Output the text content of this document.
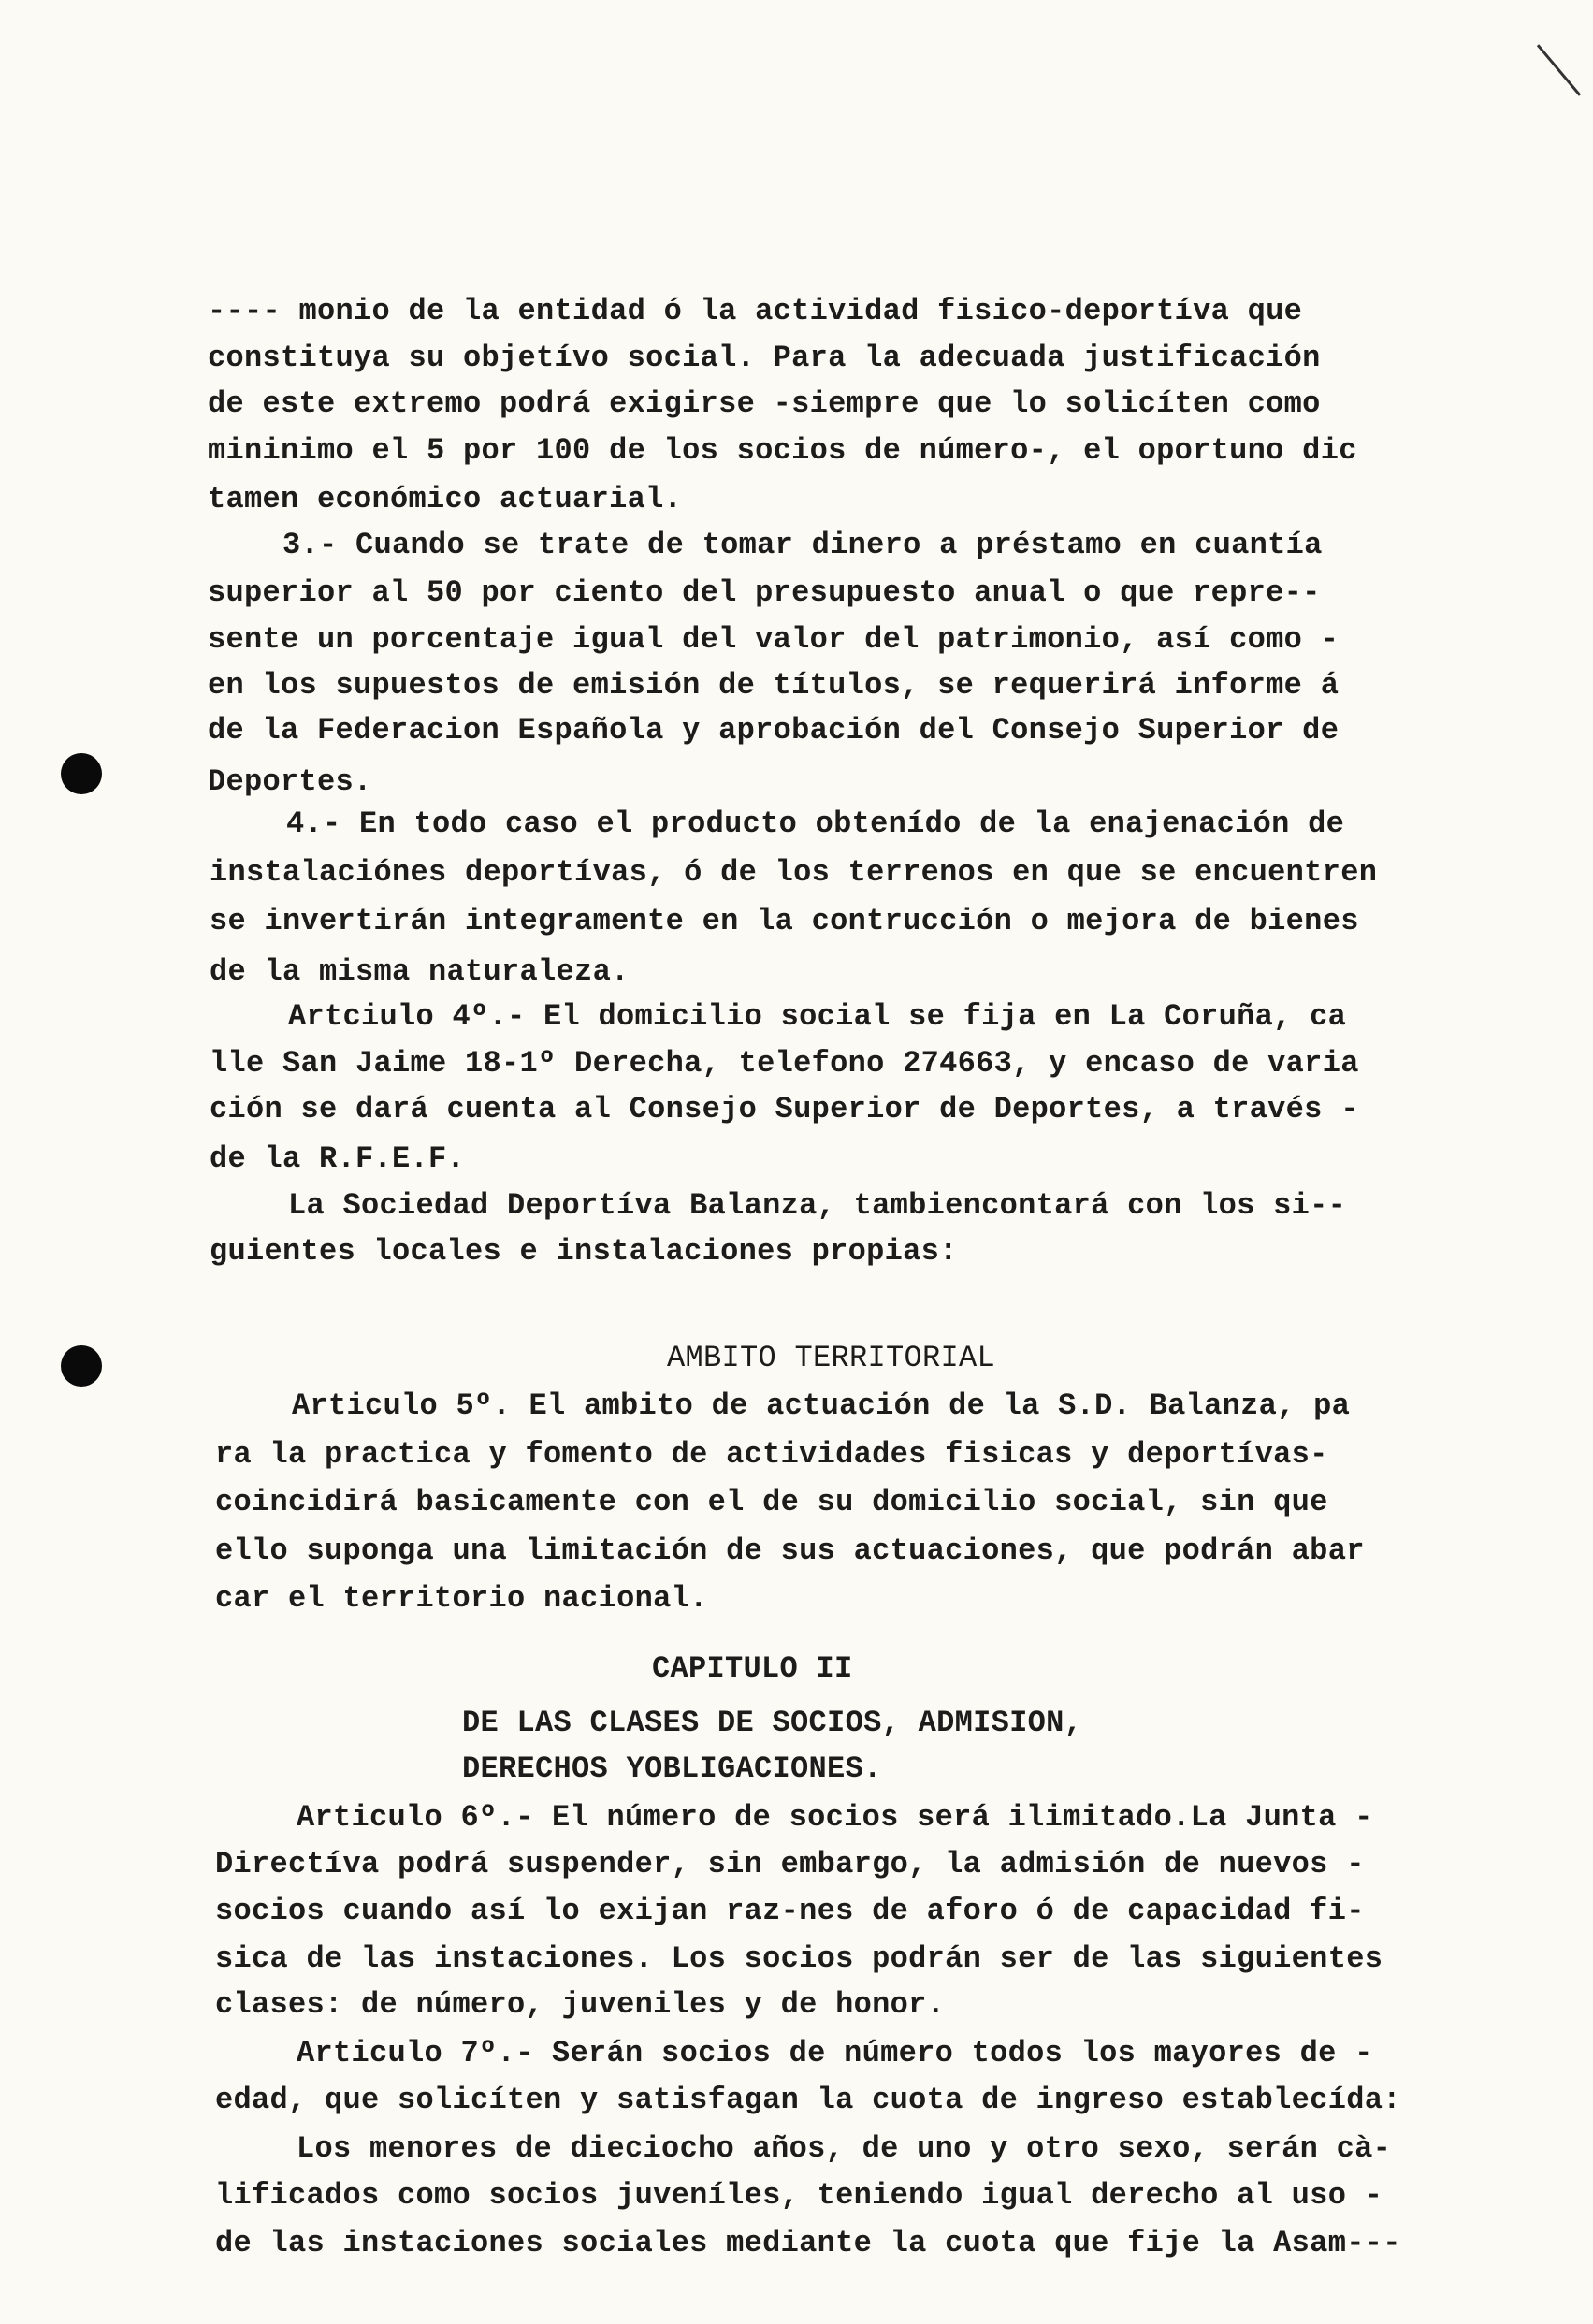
---- monio de la entidad ó la actividad fisico-deportíva que
constituya su objetívo social. Para la adecuada justificación
de este extremo podrá exigirse -siempre que lo solicíten como
mininimo el 5 por 100 de los socios de número-, el oportuno dic
tamen económico actuarial.
3.- Cuando se trate de tomar dinero a préstamo en cuantía
superior al 50 por ciento del presupuesto anual o que repre--
sente un porcentaje igual del valor del patrimonio, así como -
en los supuestos de emisión de títulos, se requerirá informe á
de la Federacion Española y aprobación del Consejo Superior de
Deportes.
4.- En todo caso el producto obtenído de la enajenación de
instalaciónes deportívas, ó de los terrenos en que se encuentren
se invertirán integramente en la contrucción o mejora de bienes
de la misma naturaleza.
Artciulo 4º.- El domicilio social se fija en La Coruña, ca
lle San Jaime 18-1º Derecha, telefono 274663, y encaso de varia
ción se dará cuenta al Consejo Superior de Deportes, a través -
de la R.F.E.F.
La Sociedad Deportíva Balanza, tambiencontará con los si--
guientes locales e instalaciones propias:
AMBITO TERRITORIAL
Articulo 5º. El ambito de actuación de la S.D. Balanza, pa
ra la practica y fomento de actividades fisicas y deportívas-
coincidirá basicamente con el de su domicilio social, sin que
ello suponga una limitación de sus actuaciones, que podrán abar
car el territorio nacional.
CAPITULO II
DE LAS CLASES DE SOCIOS, ADMISION,
DERECHOS YOBLIGACIONES.
Articulo 6º.- El número de socios será ilimitado.La Junta -
Directíva podrá suspender, sin embargo, la admisión de nuevos -
socios cuando así lo exijan raz-nes de aforo ó de capacidad fi-
sica de las instaciones. Los socios podrán ser de las siguientes
clases: de número, juveniles y de honor.
Articulo 7º.- Serán socios de número todos los mayores de -
edad, que solicíten y satisfagan la cuota de ingreso establecída:
Los menores de dieciocho años, de uno y otro sexo, serán cà-
lificados como socios juveníles, teniendo igual derecho al uso -
de las instaciones sociales mediante la cuota que fije la Asam---
